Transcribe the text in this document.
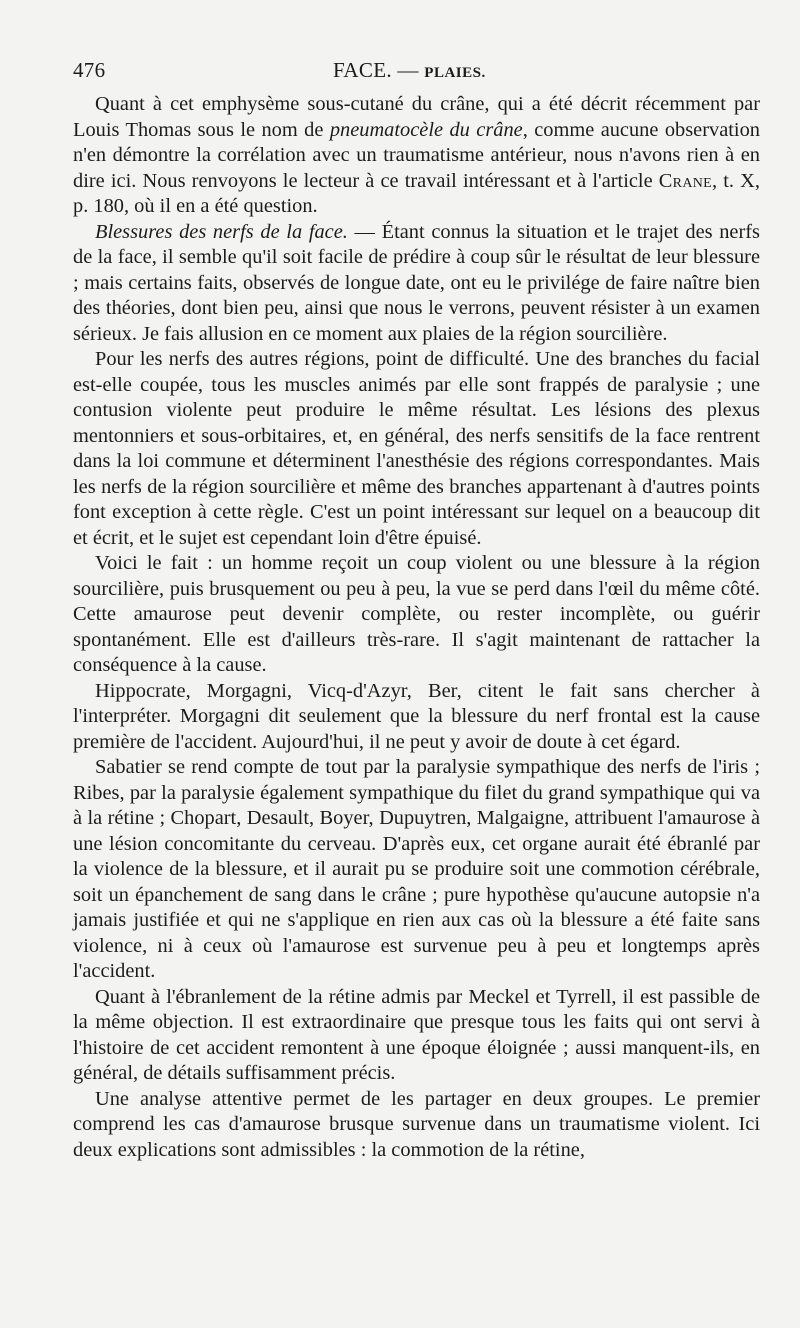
476	FACE. — PLAIES.

Quant à cet emphysème sous-cutané du crâne, qui a été décrit récemment par Louis Thomas sous le nom de pneumatocèle du crâne, comme aucune observation n'en démontre la corrélation avec un traumatisme antérieur, nous n'avons rien à en dire ici. Nous renvoyons le lecteur à ce travail intéressant et à l'article Crane, t. X, p. 180, où il en a été question.

Blessures des nerfs de la face. — Étant connus la situation et le trajet des nerfs de la face, il semble qu'il soit facile de prédire à coup sûr le résultat de leur blessure ; mais certains faits, observés de longue date, ont eu le privilége de faire naître bien des théories, dont bien peu, ainsi que nous le verrons, peuvent résister à un examen sérieux. Je fais allusion en ce moment aux plaies de la région sourcilière.

Pour les nerfs des autres régions, point de difficulté. Une des branches du facial est-elle coupée, tous les muscles animés par elle sont frappés de paralysie ; une contusion violente peut produire le même résultat. Les lésions des plexus mentonniers et sous-orbitaires, et, en général, des nerfs sensitifs de la face rentrent dans la loi commune et déterminent l'anesthésie des régions correspondantes. Mais les nerfs de la région sourcilière et même des branches appartenant à d'autres points font exception à cette règle. C'est un point intéressant sur lequel on a beaucoup dit et écrit, et le sujet est cependant loin d'être épuisé.

Voici le fait : un homme reçoit un coup violent ou une blessure à la région sourcilière, puis brusquement ou peu à peu, la vue se perd dans l'œil du même côté. Cette amaurose peut devenir complète, ou rester incomplète, ou guérir spontanément. Elle est d'ailleurs très-rare. Il s'agit maintenant de rattacher la conséquence à la cause.

Hippocrate, Morgagni, Vicq-d'Azyr, Ber, citent le fait sans chercher à l'interpréter. Morgagni dit seulement que la blessure du nerf frontal est la cause première de l'accident. Aujourd'hui, il ne peut y avoir de doute à cet égard.

Sabatier se rend compte de tout par la paralysie sympathique des nerfs de l'iris ; Ribes, par la paralysie également sympathique du filet du grand sympathique qui va à la rétine ; Chopart, Desault, Boyer, Dupuytren, Malgaigne, attribuent l'amaurose à une lésion concomitante du cerveau. D'après eux, cet organe aurait été ébranlé par la violence de la blessure, et il aurait pu se produire soit une commotion cérébrale, soit un épanchement de sang dans le crâne ; pure hypothèse qu'aucune autopsie n'a jamais justifiée et qui ne s'applique en rien aux cas où la blessure a été faite sans violence, ni à ceux où l'amaurose est survenue peu à peu et longtemps après l'accident.

Quant à l'ébranlement de la rétine admis par Meckel et Tyrrell, il est passible de la même objection. Il est extraordinaire que presque tous les faits qui ont servi à l'histoire de cet accident remontent à une époque éloignée ; aussi manquent-ils, en général, de détails suffisamment précis.

Une analyse attentive permet de les partager en deux groupes. Le premier comprend les cas d'amaurose brusque survenue dans un traumatisme violent. Ici deux explications sont admissibles : la commotion de la rétine,
